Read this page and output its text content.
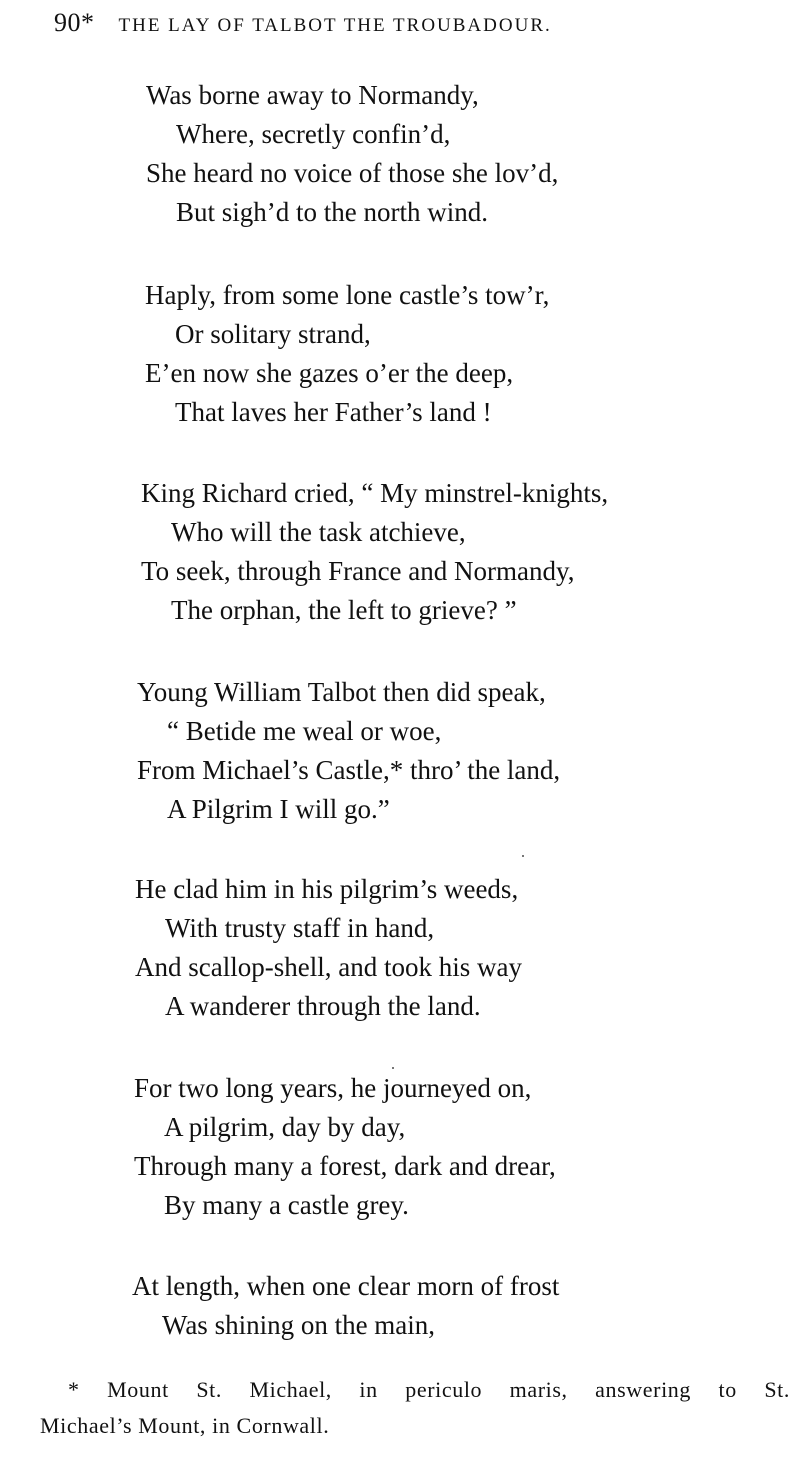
90* THE LAY OF TALBOT THE TROUBADOUR.
Was borne away to Normandy,
Where, secretly confin’d,
She heard no voice of those she lov’d,
But sigh’d to the north wind.
Haply, from some lone castle’s tow’r,
Or solitary strand,
E’en now she gazes o’er the deep,
That laves her Father’s land !
King Richard cried, “ My minstrel-knights,
Who will the task atchieve,
To seek, through France and Normandy,
The orphan, the left to grieve? ”
Young William Talbot then did speak,
“ Betide me weal or woe,
From Michael’s Castle,* thro’ the land,
A Pilgrim I will go.”
He clad him in his pilgrim’s weeds,
With trusty staff in hand,
And scallop-shell, and took his way
A wanderer through the land.
For two long years, he journeyed on,
A pilgrim, day by day,
Through many a forest, dark and drear,
By many a castle grey.
At length, when one clear morn of frost
Was shining on the main,
* Mount St. Michael, in periculo maris, answering to St.
Michael’s Mount, in Cornwall.
